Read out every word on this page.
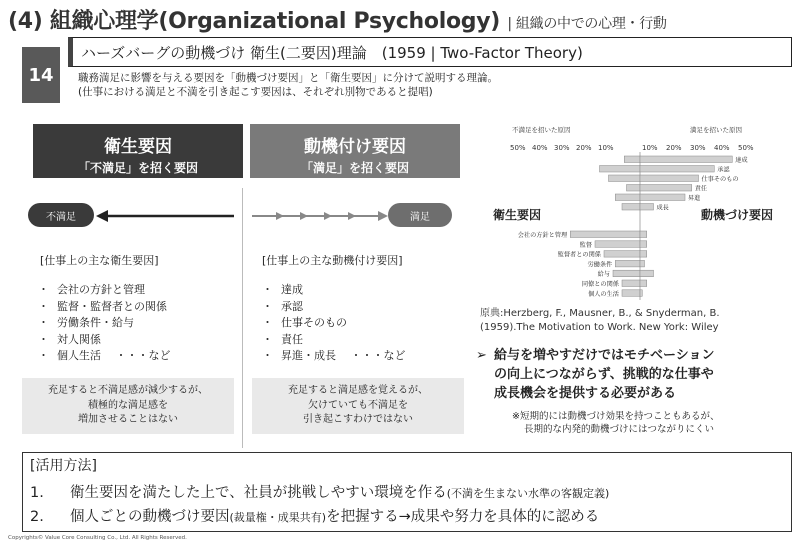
(4) 組織心理学(Organizational Psychology) | 組織の中での心理・行動
14
ハーズバーグの動機づけ 衛生(二要因)理論　(1959 | Two-Factor Theory)
職務満足に影響を与える要因を「動機づけ要因」と「衛生要因」に分けて説明する理論。
(仕事における満足と不満を引き起こす要因は、それぞれ別物であると提唱)
衛生要因
「不満足」を招く要因
動機付け要因
「満足」を招く要因
不満足	満足
[仕事上の主な衛生要因]
・ 会社の方針と管理
・ 監督・監督者との関係
・ 労働条件・給与
・ 対人関係
・ 個人生活　 ・・・など
充足すると不満足感が減少するが、
積極的な満足感を
増加させることはない
[仕事上の主な動機付け要因]
・ 達成
・ 承認
・ 仕事そのもの
・ 責任
・ 昇進・成長　 ・・・など
充足すると満足感を覚えるが、
欠けていても不満足を
引き起こすわけではない
不満足を招いた原因	満足を招いた原因
50% 40% 30% 20% 10%	10% 20% 30% 40% 50%
達成
承認
仕事そのもの
責任
昇進
成長
会社の方針と管理
監督
監督者との関係
労働条件
給与
同僚との関係
個人の生活
衛生要因	動機づけ要因
原典:Herzberg, F., Mausner, B., & Snyderman, B.
(1959).The Motivation to Work. New York: Wiley
➢ 給与を増やすだけではモチベーション
の向上につながらず、挑戦的な仕事や
成長機会を提供する必要がある
※短期的には動機づけ効果を持つこともあるが、
長期的な内発的動機づけにはつながりにくい
[活用方法]
1. 衛生要因を満たした上で、社員が挑戦しやすい環境を作る(不満を生まない水準の客観定義)
2. 個人ごとの動機づけ要因(裁量権・成果共有)を把握する→成果や努力を具体的に認める
Copyrights© Value Core Consulting Co., Ltd. All Rights Reserved.
